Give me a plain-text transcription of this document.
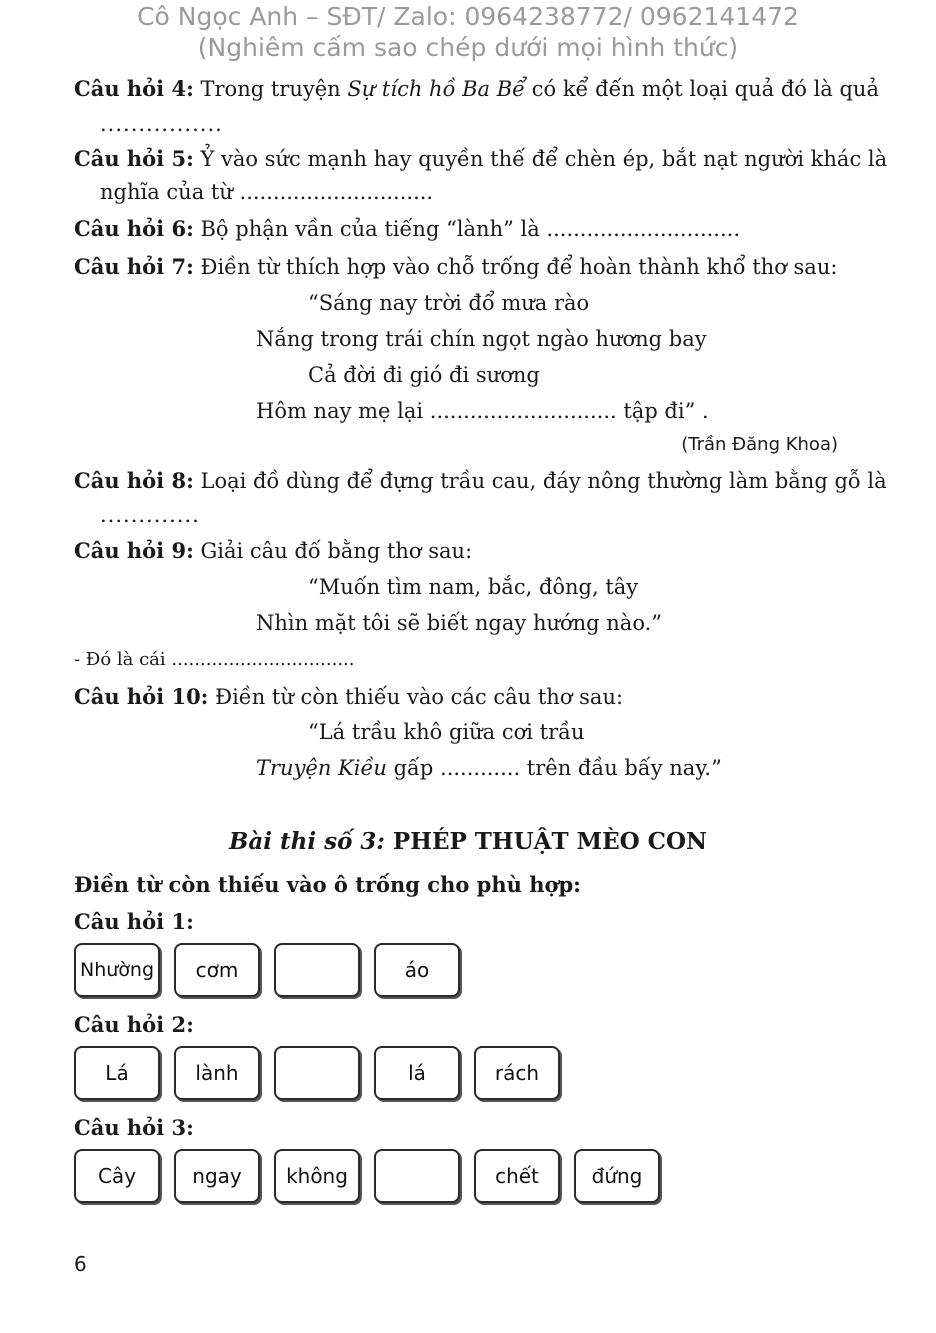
Cô Ngọc Anh – SĐT/ Zalo: 0964238772/ 0962141472
(Nghiêm cấm sao chép dưới mọi hình thức)
Câu hỏi 4: Trong truyện Sự tích hồ Ba Bể có kể đến một loại quả đó là quả
................
Câu hỏi 5: Ỷ vào sức mạnh hay quyền thế để chèn ép, bắt nạt người khác là
nghĩa của từ .............................
Câu hỏi 6: Bộ phận vần của tiếng “lành” là .............................
Câu hỏi 7: Điền từ thích hợp vào chỗ trống để hoàn thành khổ thơ sau:
“Sáng nay trời đổ mưa rào
Nắng trong trái chín ngọt ngào hương bay
Cả đời đi gió đi sương
Hôm nay mẹ lại ............................ tập đi” .
(Trần Đăng Khoa)
Câu hỏi 8: Loại đồ dùng để đựng trầu cau, đáy nông thường làm bằng gỗ là
.............
Câu hỏi 9: Giải câu đố bằng thơ sau:
“Muốn tìm nam, bắc, đông, tây
Nhìn mặt tôi sẽ biết ngay hướng nào.”
- Đó là cái ................................
Câu hỏi 10: Điền từ còn thiếu vào các câu thơ sau:
“Lá trầu khô giữa cơi trầu
Truyện Kiều gấp ............ trên đầu bấy nay.”
Bài thi số 3: PHÉP THUẬT MÈO CON
Điền từ còn thiếu vào ô trống cho phù hợp:
Câu hỏi 1:
Nhường	cơm	áo
Câu hỏi 2:
Lá	lành	lá	rách
Câu hỏi 3:
Cây	ngay	không	chết	đứng
6
